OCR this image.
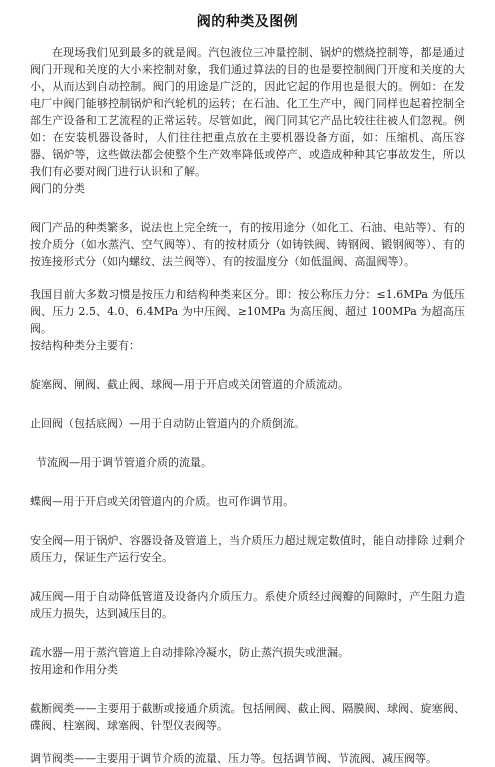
阀的种类及图例

在现场我们见到最多的就是阀。汽包液位三冲量控制、锅炉的燃烧控制等，都是通过阀门开现和关度的大小来控制对象，我们通过算法的目的也是要控制阀门开度和关度的大小，从而达到自动控制。阀门的用途是广泛的，因此它起的作用也是很大的。例如：在发电厂中阀门能够控制锅炉和汽轮机的运转；在石油、化工生产中，阀门同样也起着控制全部生产设备和工艺流程的正常运转。尽管如此，阀门同其它产品比较往往被人们忽视。例如：在安装机器设备时，人们往往把重点放在主要机器设备方面，如：压缩机、高压容器、锅炉等，这些做法都会使整个生产效率降低或停产、或造成种种其它事故发生，所以我们有必要对阀门进行认识和了解。

阀门的分类

阀门产品的种类繁多，说法也上完全统一，有的按用途分（如化工、石油、电站等）、有的按介质分（如水蒸汽、空气阀等）、有的按材质分（如铸铁阀、铸钢阀、锻钢阀等）、有的按连接形式分（如内螺纹、法兰阀等）、有的按温度分（如低温阀、高温阀等）。

我国目前大多数习惯是按压力和结构种类来区分。即：按公称压力分：≤1.6MPa 为低压阀、压力 2.5、4.0、6.4MPa 为中压阀、≥10MPa 为高压阀、超过 100MPa 为超高压阀。

按结构种类分主要有：

旋塞阀、闸阀、截止阀、球阀—用于开启或关闭管道的介质流动。

止回阀（包括底阀）—用于自动防止管道内的介质倒流。

节流阀—用于调节管道介质的流量。

蝶阀—用于开启或关闭管道内的介质。也可作调节用。

安全阀—用于锅炉、容器设备及管道上，当介质压力超过规定数值时，能自动排除 过剩介质压力，保证生产运行安全。

减压阀—用于自动降低管道及设备内介质压力。系使介质经过阀瓣的间隙时，产生阻力造成压力损失，达到减压目的。

疏水器—用于蒸汽管道上自动排除冷凝水，防止蒸汽损失或泄漏。

按用途和作用分类

截断阀类——主要用于截断或接通介质流。包括闸阀、截止阀、隔膜阀、球阀、旋塞阀、碟阀、柱塞阀、球塞阀、针型仪表阀等。

调节阀类——主要用于调节介质的流量、压力等。包括调节阀、节流阀、减压阀等。
